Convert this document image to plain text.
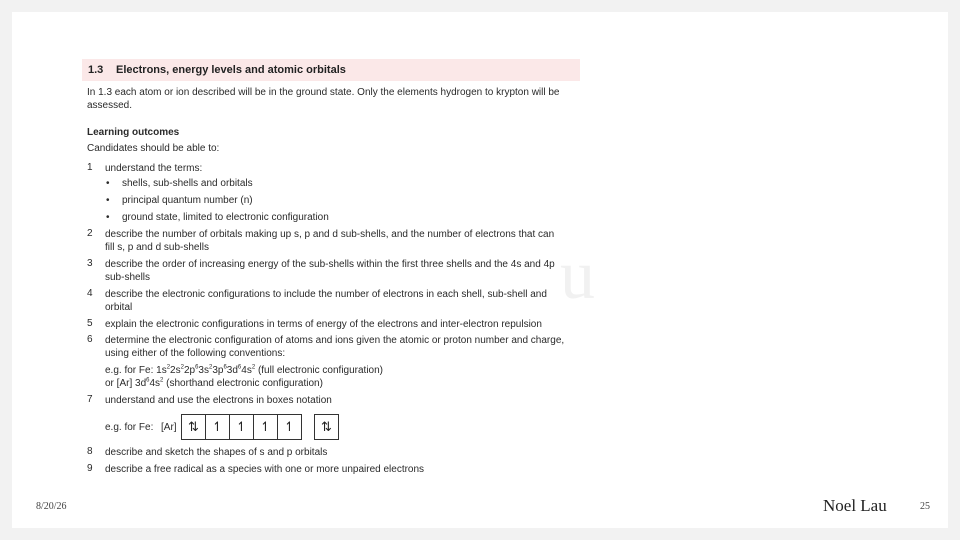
u
1.3	Electrons, energy levels and atomic orbitals
In 1.3 each atom or ion described will be in the ground state. Only the elements hydrogen to krypton will be
assessed.
Learning outcomes
Candidates should be able to:
1 understand the terms:
• shells, sub-shells and orbitals
• principal quantum number (n)
• ground state, limited to electronic configuration
2 describe the number of orbitals making up s, p and d sub-shells, and the number of electrons that can
fill s, p and d sub-shells
3 describe the order of increasing energy of the sub-shells within the first three shells and the 4s and 4p
sub-shells
4 describe the electronic configurations to include the number of electrons in each shell, sub-shell and
orbital
5 explain the electronic configurations in terms of energy of the electrons and inter-electron repulsion
6 determine the electronic configuration of atoms and ions given the atomic or proton number and charge,
using either of the following conventions:
e.g. for Fe: $1s^22s^22p^63s^23p^63d^64s^2$ (full electronic configuration)
or [Ar] $3d^64s^2$ (shorthand electronic configuration)
7 understand and use the electrons in boxes notation
e.g. for Fe: [Ar] ⇅	↿	↿	↿	↿	⇅
8 describe and sketch the shapes of s and p orbitals
9 describe a free radical as a species with one or more unpaired electrons
8/20/26	Noel Lau	25
